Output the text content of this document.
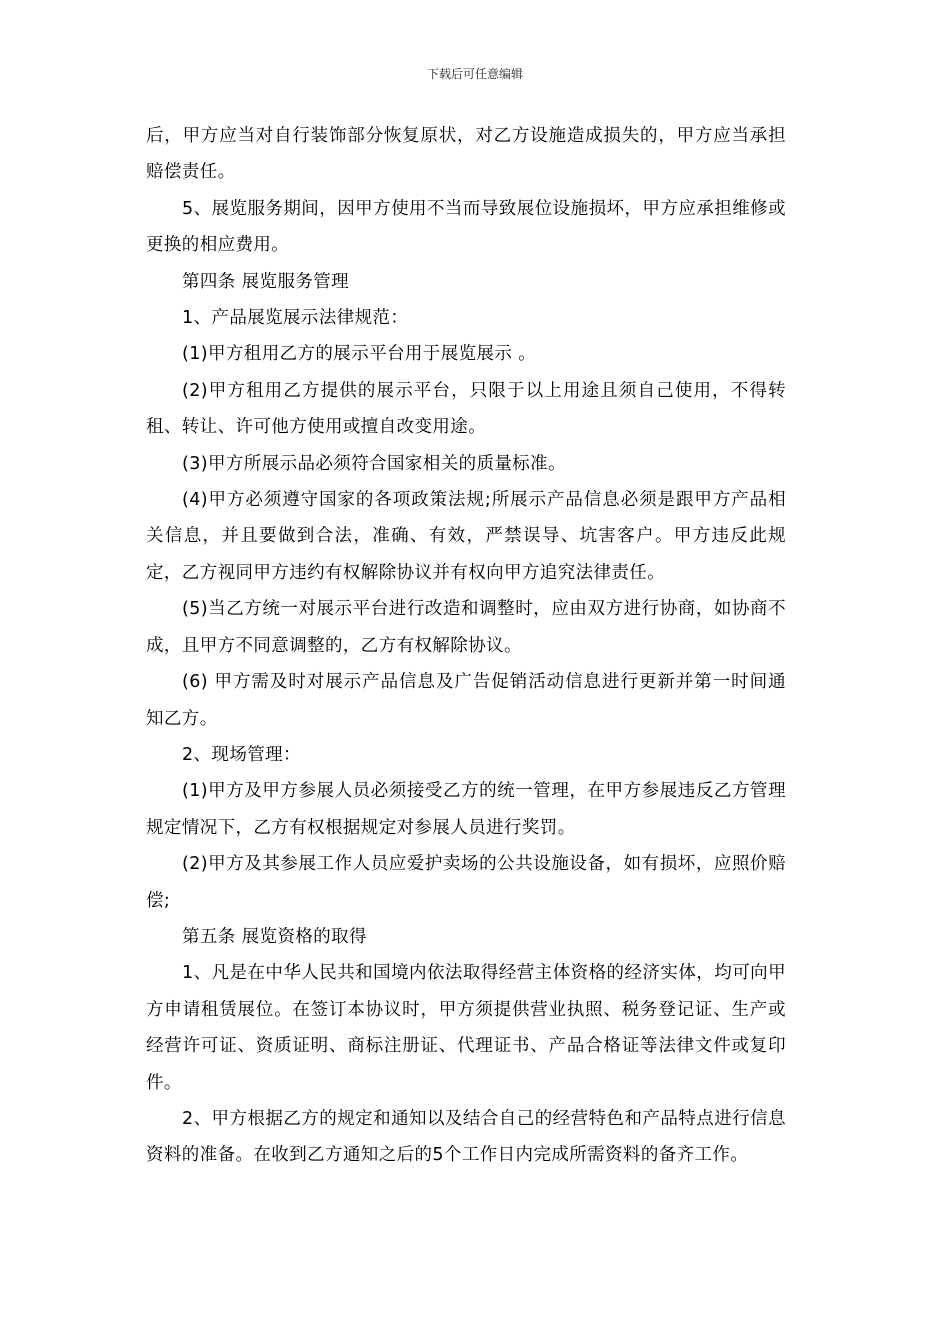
下载后可任意编辑

后，甲方应当对自行装饰部分恢复原状，对乙方设施造成损失的，甲方应当承担赔偿责任。

5、展览服务期间，因甲方使用不当而导致展位设施损坏，甲方应承担维修或更换的相应费用。

第四条 展览服务管理

1、产品展览展示法律规范：

(1)甲方租用乙方的展示平台用于展览展示 。

(2)甲方租用乙方提供的展示平台，只限于以上用途且须自己使用，不得转租、转让、许可他方使用或擅自改变用途。

(3)甲方所展示品必须符合国家相关的质量标准。

(4)甲方必须遵守国家的各项政策法规;所展示产品信息必须是跟甲方产品相关信息，并且要做到合法，准确、有效，严禁误导、坑害客户。甲方违反此规定，乙方视同甲方违约有权解除协议并有权向甲方追究法律责任。

(5)当乙方统一对展示平台进行改造和调整时，应由双方进行协商，如协商不成，且甲方不同意调整的，乙方有权解除协议。

(6) 甲方需及时对展示产品信息及广告促销活动信息进行更新并第一时间通知乙方。

2、现场管理：

(1)甲方及甲方参展人员必须接受乙方的统一管理，在甲方参展违反乙方管理规定情况下，乙方有权根据规定对参展人员进行奖罚。

(2)甲方及其参展工作人员应爱护卖场的公共设施设备，如有损坏，应照价赔偿;

第五条 展览资格的取得

1、凡是在中华人民共和国境内依法取得经营主体资格的经济实体，均可向甲方申请租赁展位。在签订本协议时，甲方须提供营业执照、税务登记证、生产或经营许可证、资质证明、商标注册证、代理证书、产品合格证等法律文件或复印件。

2、甲方根据乙方的规定和通知以及结合自己的经营特色和产品特点进行信息资料的准备。在收到乙方通知之后的5个工作日内完成所需资料的备齐工作。
